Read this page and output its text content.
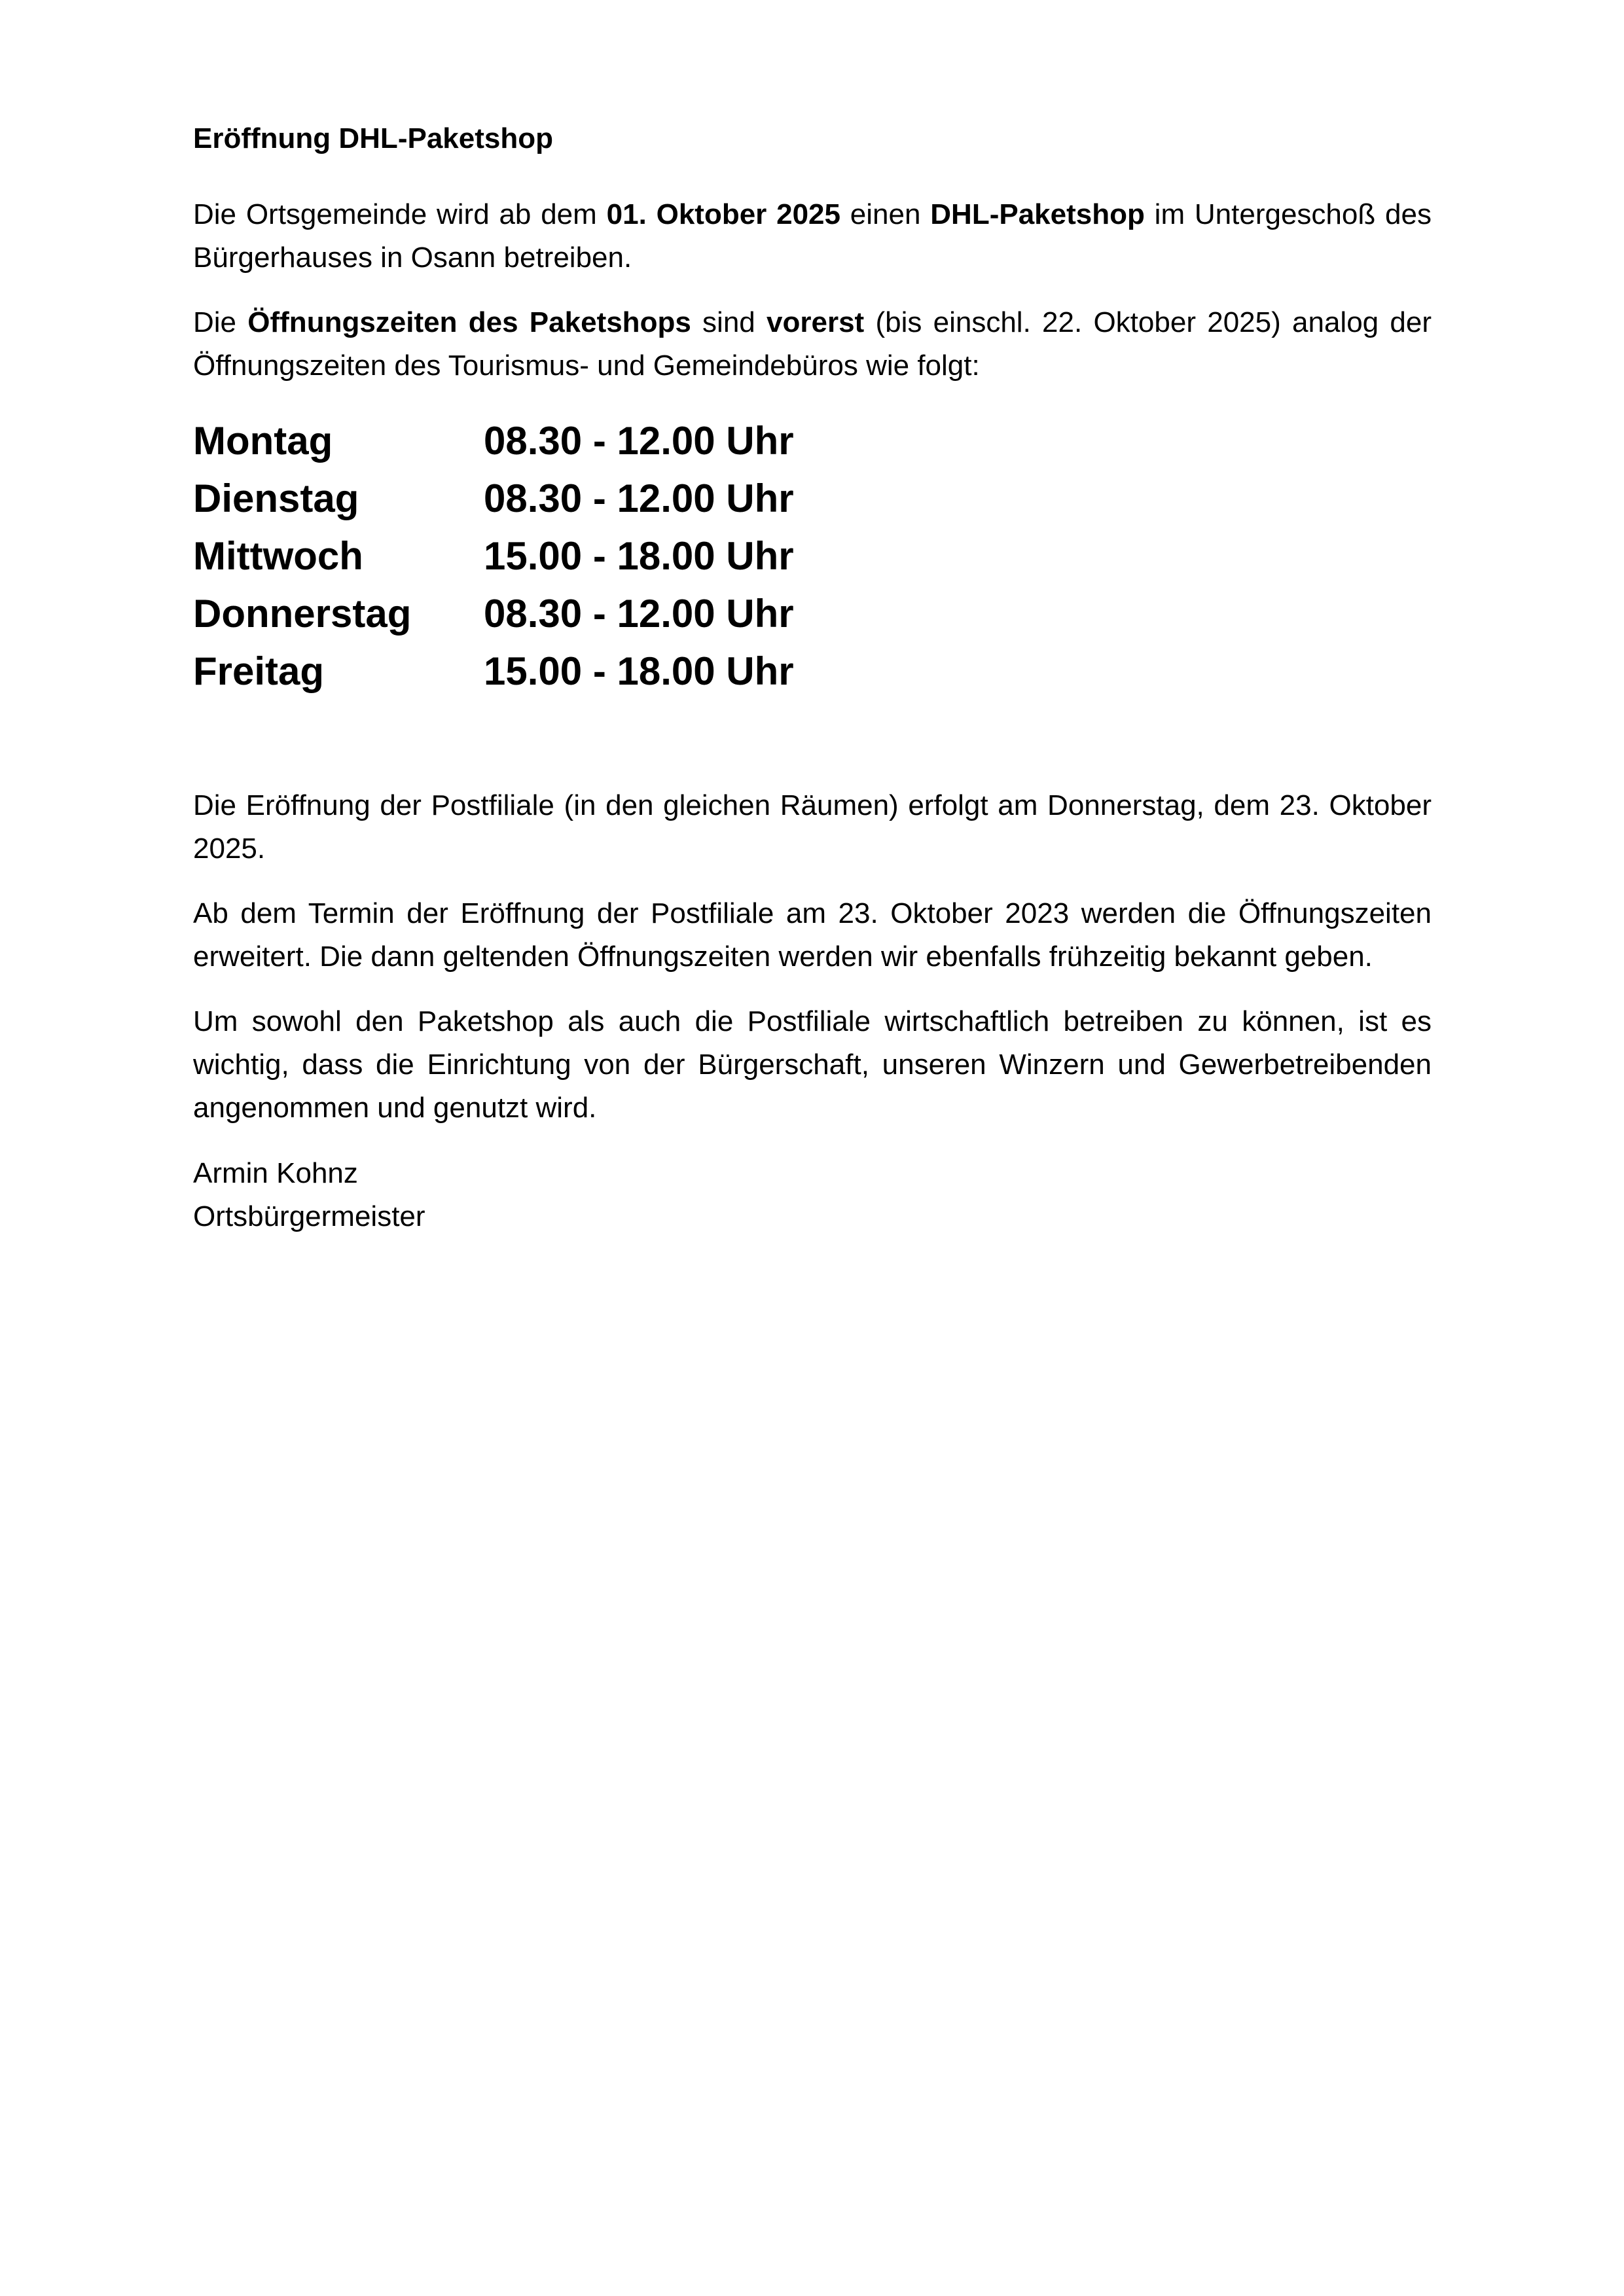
Eröffnung DHL-Paketshop

Die Ortsgemeinde wird ab dem 01. Oktober 2025 einen DHL-Paketshop im Untergeschoß des Bürgerhauses in Osann betreiben.

Die Öffnungszeiten des Paketshops sind vorerst (bis einschl. 22. Oktober 2025) analog der Öffnungszeiten des Tourismus- und Gemeindebüros wie folgt:

Montag	08.30 - 12.00 Uhr
Dienstag	08.30 - 12.00 Uhr
Mittwoch	15.00 - 18.00 Uhr
Donnerstag 08.30 - 12.00 Uhr
Freitag	15.00 - 18.00 Uhr

Die Eröffnung der Postfiliale (in den gleichen Räumen) erfolgt am Donnerstag, dem 23. Oktober 2025.

Ab dem Termin der Eröffnung der Postfiliale am 23. Oktober 2023 werden die Öffnungszeiten erweitert. Die dann geltenden Öffnungszeiten werden wir ebenfalls frühzeitig bekannt geben.

Um sowohl den Paketshop als auch die Postfiliale wirtschaftlich betreiben zu können, ist es wichtig, dass die Einrichtung von der Bürgerschaft, unseren Winzern und Gewerbetreibenden angenommen und genutzt wird.

Armin Kohnz

Ortsbürgermeister
